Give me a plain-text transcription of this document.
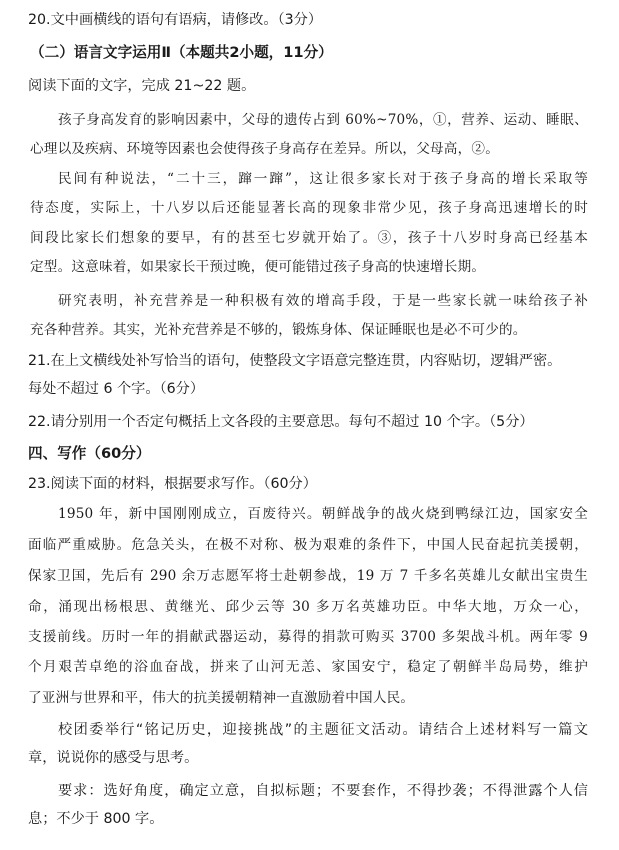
20.文中画横线的语句有语病，请修改。（3分）
（二）语言文字运用Ⅱ（本题共2小题，11分）
阅读下面的文字，完成 21~22 题。
孩子身高发育的影响因素中，父母的遗传占到 60%~70%，①，营养、运动、睡眠、
心理以及疾病、环境等因素也会使得孩子身高存在差异。所以，父母高，②。
民间有种说法，“二十三，蹿一蹿”，这让很多家长对于孩子身高的增长采取等
待态度，实际上，十八岁以后还能显著长高的现象非常少见，孩子身高迅速增长的时
间段比家长们想象的要早，有的甚至七岁就开始了。③，孩子十八岁时身高已经基本
定型。这意味着，如果家长干预过晚，便可能错过孩子身高的快速增长期。
研究表明，补充营养是一种积极有效的增高手段，于是一些家长就一味给孩子补
充各种营养。其实，光补充营养是不够的，锻炼身体、保证睡眠也是必不可少的。
21.在上文横线处补写恰当的语句，使整段文字语意完整连贯，内容贴切，逻辑严密。
每处不超过 6 个字。（6分）
22.请分别用一个否定句概括上文各段的主要意思。每句不超过 10 个字。（5分）
四、写作（60分）
23.阅读下面的材料，根据要求写作。（60分）
1950 年，新中国刚刚成立，百废待兴。朝鲜战争的战火烧到鸭绿江边，国家安全
面临严重威胁。危急关头，在极不对称、极为艰难的条件下，中国人民奋起抗美援朝，
保家卫国，先后有 290 余万志愿军将士赴朝参战，19 万 7 千多名英雄儿女献出宝贵生
命，涌现出杨根思、黄继光、邱少云等 30 多万名英雄功臣。中华大地，万众一心，
支援前线。历时一年的捐献武器运动，募得的捐款可购买 3700 多架战斗机。两年零 9
个月艰苦卓绝的浴血奋战，拼来了山河无恙、家国安宁，稳定了朝鲜半岛局势，维护
了亚洲与世界和平，伟大的抗美援朝精神一直激励着中国人民。
校团委举行“铭记历史，迎接挑战”的主题征文活动。请结合上述材料写一篇文
章，说说你的感受与思考。
要求：选好角度，确定立意，自拟标题；不要套作，不得抄袭；不得泄露个人信
息；不少于 800 字。
